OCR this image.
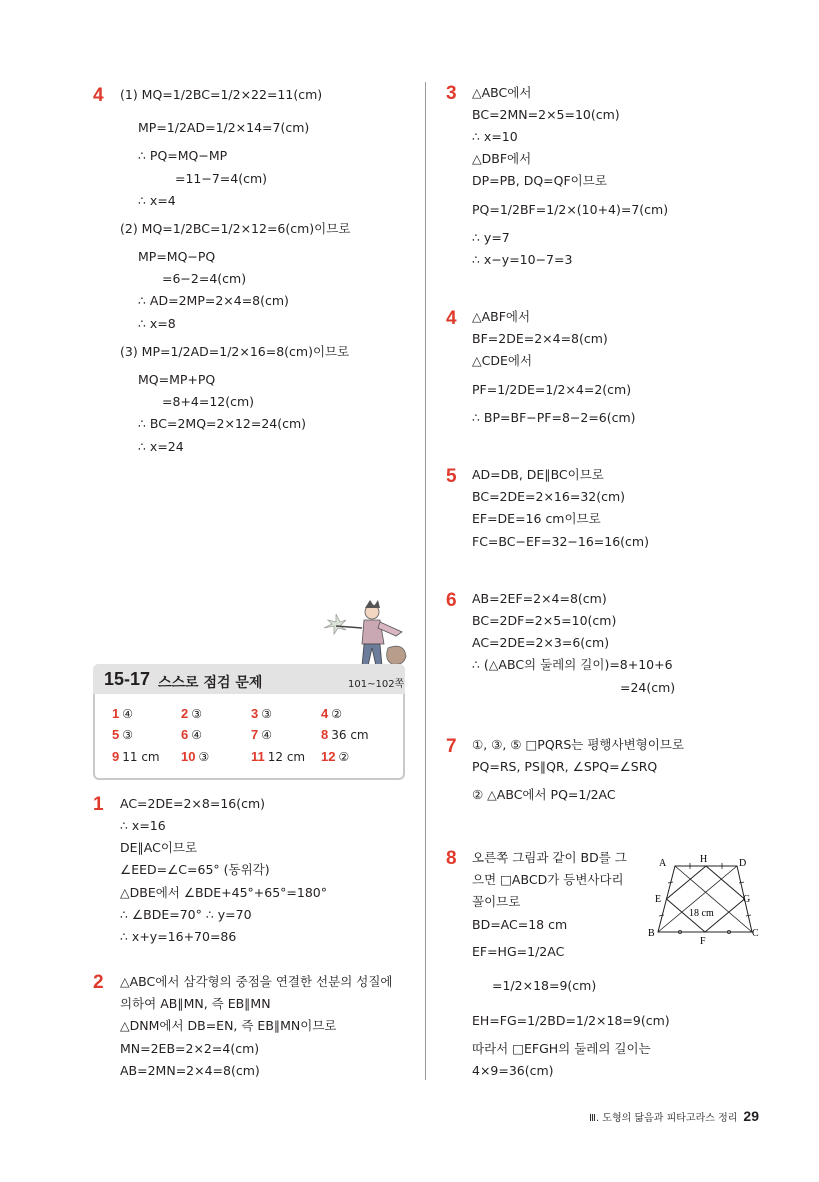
4 (1) MQ=1/2BC=1/2×22=11(cm)
MP=1/2AD=1/2×14=7(cm)
∴ PQ=MQ−MP
=11−7=4(cm)
∴ x=4
(2) MQ=1/2BC=1/2×12=6(cm)이므로
MP=MQ−PQ
=6−2=4(cm)
∴ AD=2MP=2×4=8(cm)
∴ x=8
(3) MP=1/2AD=1/2×16=8(cm)이므로
MQ=MP+PQ
=8+4=12(cm)
∴ BC=2MQ=2×12=24(cm)
∴ x=24
15-17 스스로 점검 문제	101~102쪽
1 ④	2 ③	3 ③	4 ②
5 ③	6 ④	7 ④	8 36 cm
9 11 cm 10 ③	11 12 cm 12 ②
1 AC=2DE=2×8=16(cm)
∴ x=16
DE∥AC이므로
∠EED=∠C=65° (동위각)
△DBE에서 ∠BDE+45°+65°=180°
∴ ∠BDE=70° ∴ y=70
∴ x+y=16+70=86
2 △ABC에서 삼각형의 중점을 연결한 선분의 성질에
의하여 AB∥MN, 즉 EB∥MN
△DNM에서 DB=EN, 즉 EB∥MN이므로
MN=2EB=2×2=4(cm)
AB=2MN=2×4=8(cm)
3 △ABC에서
BC=2MN=2×5=10(cm)
∴ x=10
△DBF에서
DP=PB, DQ=QF이므로
PQ=1/2BF=1/2×(10+4)=7(cm)
∴ y=7
∴ x−y=10−7=3
4 △ABF에서
BF=2DE=2×4=8(cm)
△CDE에서
PF=1/2DE=1/2×4=2(cm)
∴ BP=BF−PF=8−2=6(cm)
5 AD=DB, DE∥BC이므로
BC=2DE=2×16=32(cm)
EF=DE=16 cm이므로
FC=BC−EF=32−16=16(cm)
6 AB=2EF=2×4=8(cm)
BC=2DF=2×5=10(cm)
AC=2DE=2×3=6(cm)
∴ (△ABC의 둘레의 길이)=8+10+6
=24(cm)
7 ①, ③, ⑤ □PQRS는 평행사변형이므로
PQ=RS, PS∥QR, ∠SPQ=∠SRQ
② △ABC에서 PQ=1/2AC
8 오른쪽 그림과 같이 BD를 그
으면 □ABCD가 등변사다리
꼴이므로
BD=AC=18 cm
EF=HG=1/2AC
=1/2×18=9(cm)
EH=FG=1/2BD=1/2×18=9(cm)
따라서 □EFGH의 둘레의 길이는
4×9=36(cm)
A	H	D
E	G
B
F
C
18 cm
Ⅲ. 도형의 닮음과 피타고라스 정리 29
